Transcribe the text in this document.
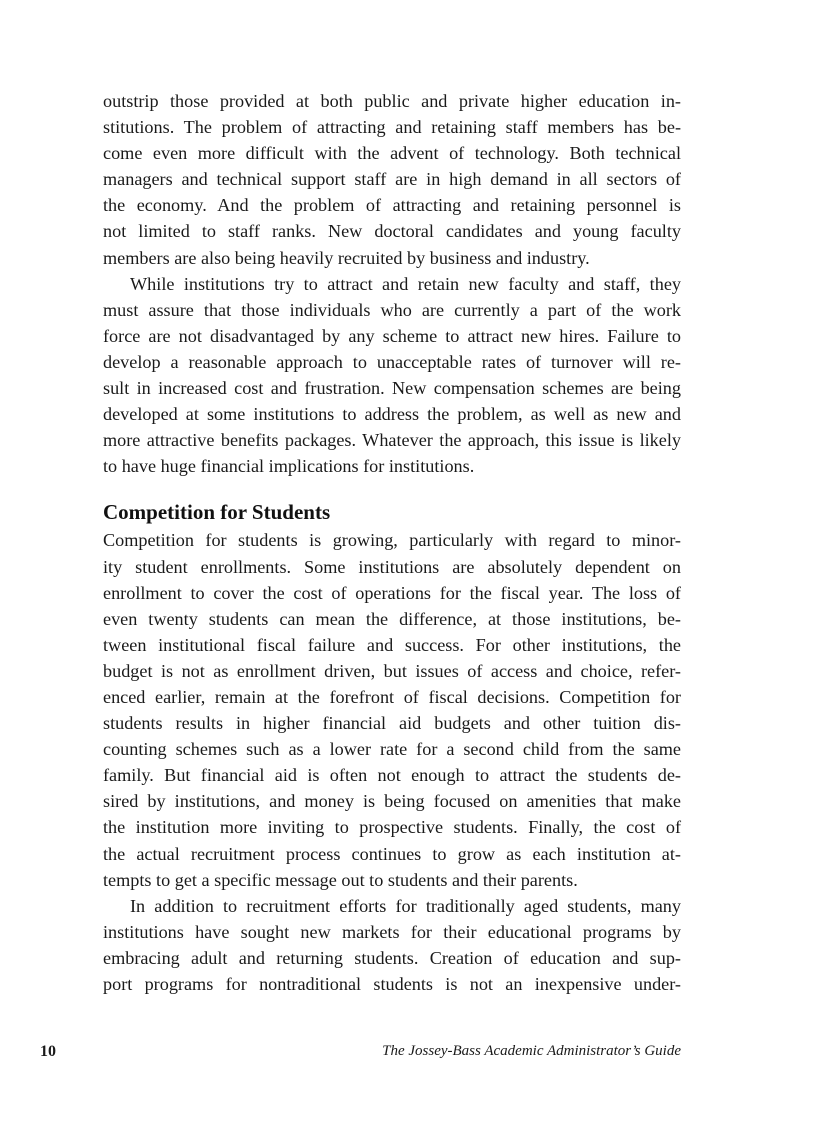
outstrip those provided at both public and private higher education in-
stitutions. The problem of attracting and retaining staff members has be-
come even more difficult with the advent of technology. Both technical
managers and technical support staff are in high demand in all sectors of
the economy. And the problem of attracting and retaining personnel is
not limited to staff ranks. New doctoral candidates and young faculty
members are also being heavily recruited by business and industry.
While institutions try to attract and retain new faculty and staff, they
must assure that those individuals who are currently a part of the work
force are not disadvantaged by any scheme to attract new hires. Failure to
develop a reasonable approach to unacceptable rates of turnover will re-
sult in increased cost and frustration. New compensation schemes are being
developed at some institutions to address the problem, as well as new and
more attractive benefits packages. Whatever the approach, this issue is likely
to have huge financial implications for institutions.
Competition for Students
Competition for students is growing, particularly with regard to minor-
ity student enrollments. Some institutions are absolutely dependent on
enrollment to cover the cost of operations for the fiscal year. The loss of
even twenty students can mean the difference, at those institutions, be-
tween institutional fiscal failure and success. For other institutions, the
budget is not as enrollment driven, but issues of access and choice, refer-
enced earlier, remain at the forefront of fiscal decisions. Competition for
students results in higher financial aid budgets and other tuition dis-
counting schemes such as a lower rate for a second child from the same
family. But financial aid is often not enough to attract the students de-
sired by institutions, and money is being focused on amenities that make
the institution more inviting to prospective students. Finally, the cost of
the actual recruitment process continues to grow as each institution at-
tempts to get a specific message out to students and their parents.
In addition to recruitment efforts for traditionally aged students, many
institutions have sought new markets for their educational programs by
embracing adult and returning students. Creation of education and sup-
port programs for nontraditional students is not an inexpensive under-
10	The Jossey-Bass Academic Administrator’s Guide
